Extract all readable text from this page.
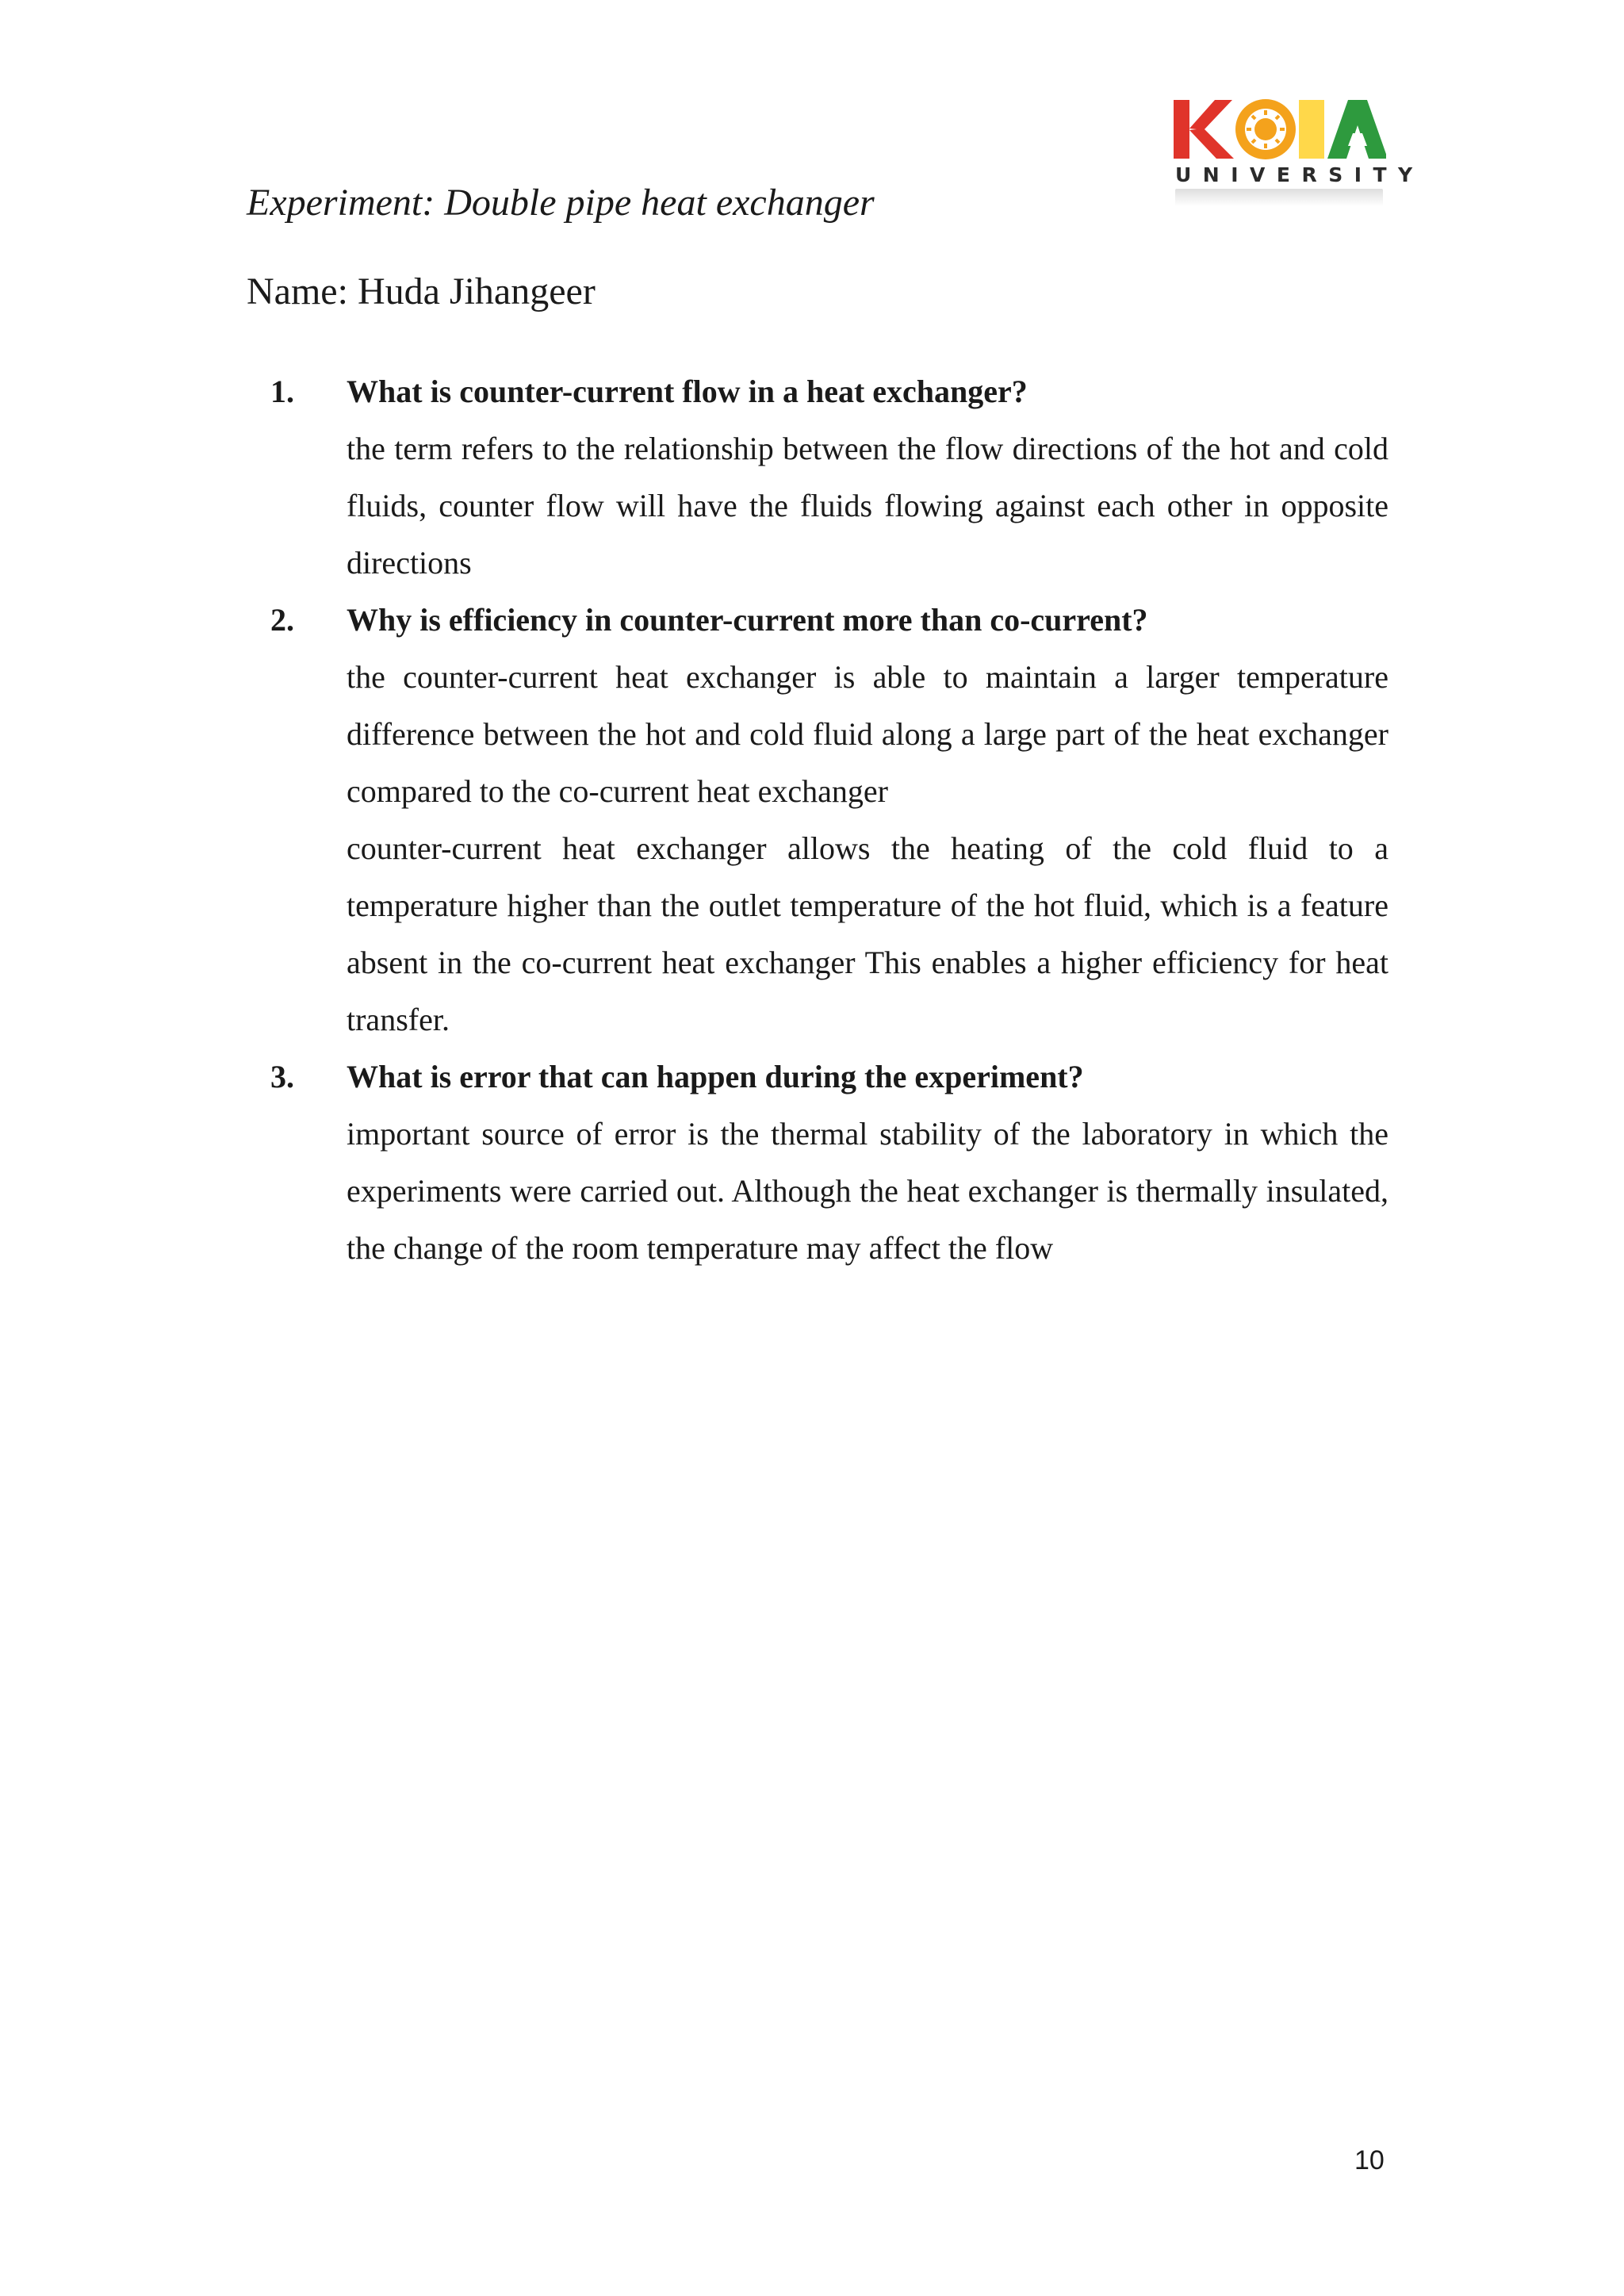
UNIVERSITY
Experiment: Double pipe heat exchanger
Name: Huda Jihangeer
1. What is counter-current flow in a heat exchanger?
the term refers to the relationship between the flow directions of the hot and cold fluids, counter flow will have the fluids flowing against each other in opposite directions
2. Why is efficiency in counter-current more than co-current?
the counter-current heat exchanger is able to maintain a larger temperature difference between the hot and cold fluid along a large part of the heat exchanger compared to the co-current heat exchanger
counter-current heat exchanger allows the heating of the cold fluid to a temperature higher than the outlet temperature of the hot fluid, which is a feature absent in the co-current heat exchanger This enables a higher efficiency for heat transfer.
3. What is error that can happen during the experiment?
important source of error is the thermal stability of the laboratory in which the experiments were carried out. Although the heat exchanger is thermally insulated, the change of the room temperature may affect the flow
10
